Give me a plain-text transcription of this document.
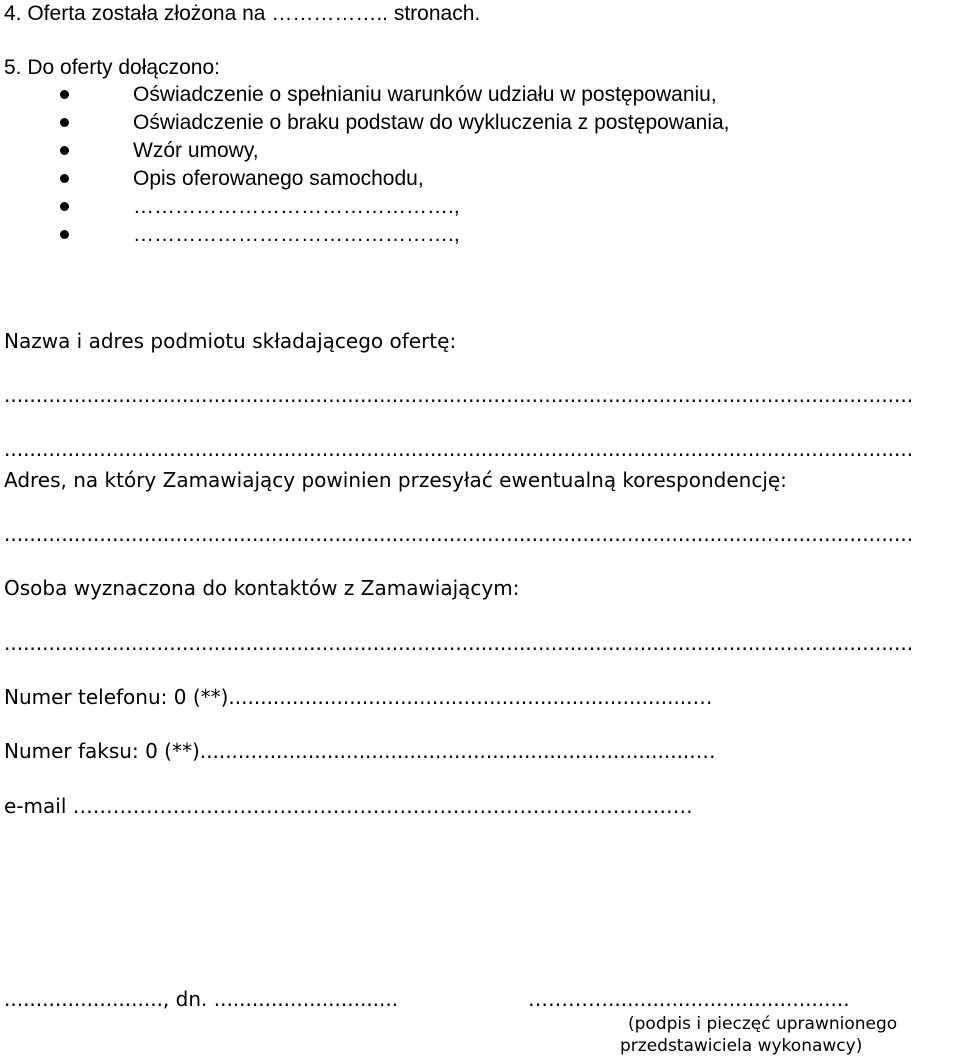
4. Oferta została złożona na …………….. stronach.
5. Do oferty dołączono:
Oświadczenie o spełnianiu warunków udziału w postępowaniu,
Oświadczenie o braku podstaw do wykluczenia z postępowania,
Wzór umowy,
Opis oferowanego samochodu,
……………………………………….,
……………………………………….,
Nazwa i adres podmiotu składającego ofertę:
...............................................................................................................................................
...............................................................................................................................................
Adres, na który Zamawiający powinien przesyłać ewentualną korespondencję:
...............................................................................................................................................
Osoba wyznaczona do kontaktów z Zamawiającym:
...............................................................................................................................................
Numer telefonu: 0 (**).........................................................................…
Numer faksu: 0 (**)..............................................................................…
e-mail …………………………………………………………………………………
........................., dn. .............................	…………......................................
(podpis i pieczęć uprawnionego
przedstawiciela wykonawcy)
